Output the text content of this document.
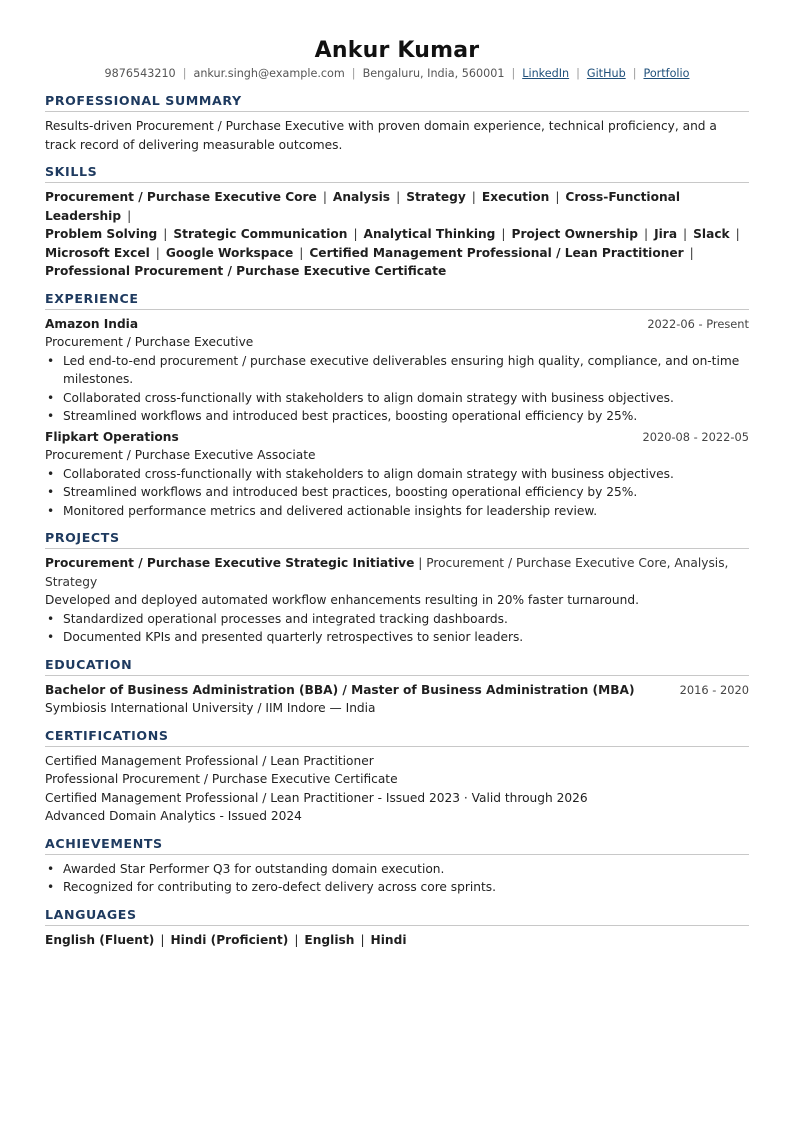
Ankur Kumar
9876543210 | ankur.singh@example.com | Bengaluru, India, 560001 | LinkedIn | GitHub | Portfolio
PROFESSIONAL SUMMARY

Results-driven Procurement / Purchase Executive with proven domain experience, technical proficiency, and a track record of delivering measurable outcomes.

SKILLS
Procurement / Purchase Executive Core | Analysis | Strategy | Execution | Cross-Functional Leadership |
Problem Solving | Strategic Communication | Analytical Thinking | Project Ownership | Jira | Slack |
Microsoft Excel | Google Workspace | Certified Management Professional / Lean Practitioner |
Professional Procurement / Purchase Executive Certificate
EXPERIENCE
Amazon India	2022-06 - Present
Procurement / Purchase Executive
• Led end-to-end procurement / purchase executive deliverables ensuring high quality, compliance, and on-time milestones.
• Collaborated cross-functionally with stakeholders to align domain strategy with business objectives.
• Streamlined workflows and introduced best practices, boosting operational efficiency by 25%.
Flipkart Operations	2020-08 - 2022-05
Procurement / Purchase Executive Associate
• Collaborated cross-functionally with stakeholders to align domain strategy with business objectives.
• Streamlined workflows and introduced best practices, boosting operational efficiency by 25%.
• Monitored performance metrics and delivered actionable insights for leadership review.
PROJECTS
Procurement / Purchase Executive Strategic Initiative | Procurement / Purchase Executive Core, Analysis, Strategy
Developed and deployed automated workflow enhancements resulting in 20% faster turnaround.
• Standardized operational processes and integrated tracking dashboards.
• Documented KPIs and presented quarterly retrospectives to senior leaders.
EDUCATION
Bachelor of Business Administration (BBA) / Master of Business Administration (MBA)	2016 - 2020
Symbiosis International University / IIM Indore — India
CERTIFICATIONS
Certified Management Professional / Lean Practitioner
Professional Procurement / Purchase Executive Certificate
Certified Management Professional / Lean Practitioner - Issued 2023 · Valid through 2026
Advanced Domain Analytics - Issued 2024
ACHIEVEMENTS
• Awarded Star Performer Q3 for outstanding domain execution.
• Recognized for contributing to zero-defect delivery across core sprints.
LANGUAGES
English (Fluent) | Hindi (Proficient) | English | Hindi
